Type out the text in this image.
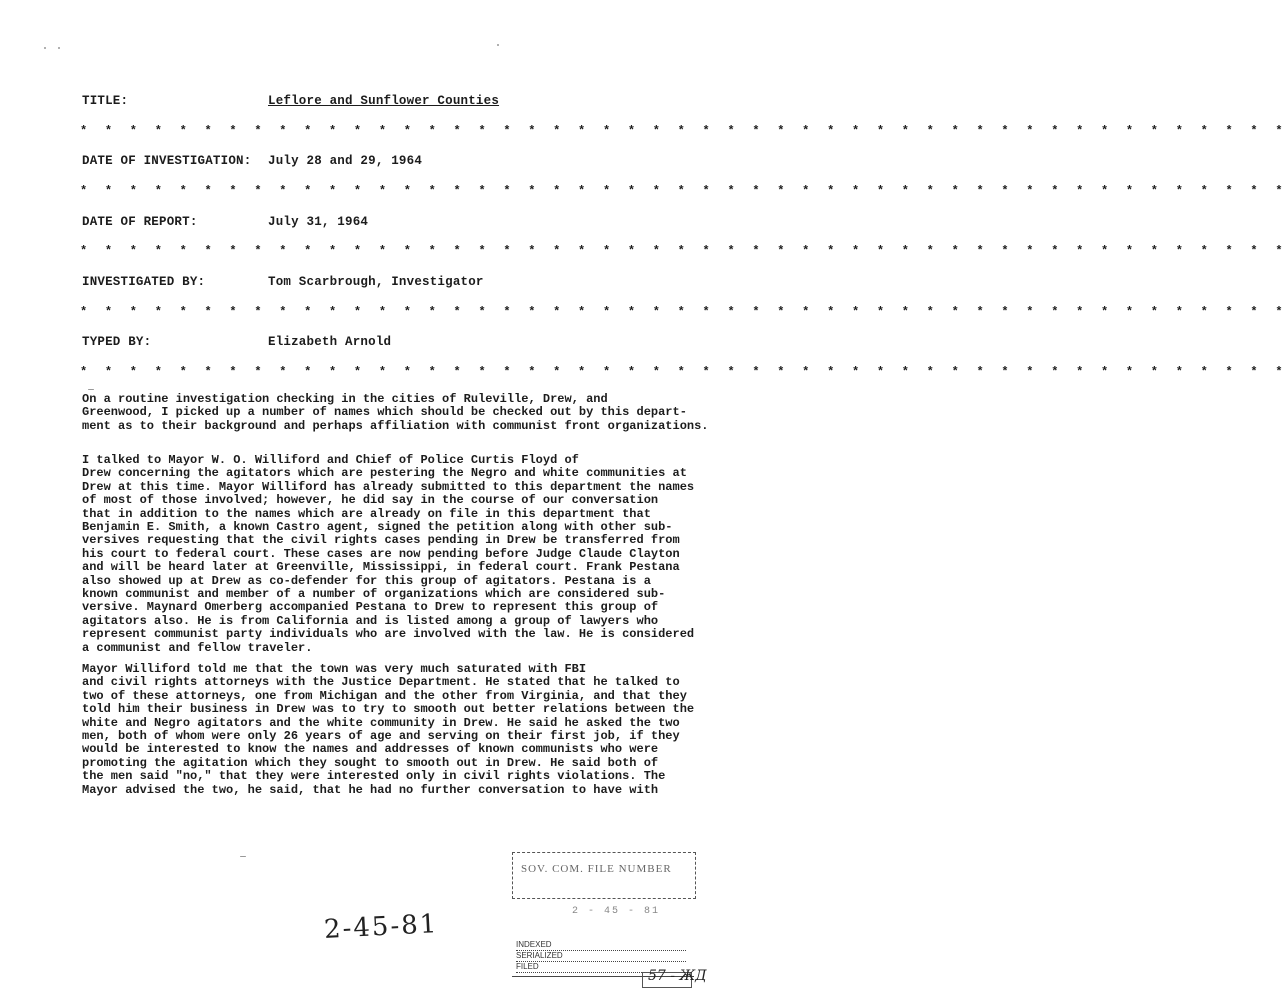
TITLE:	Leflore and Sunflower Counties
* * * * * * * * * * * * * * * * * * * * * * * * * * * * * * * * * * * * * * * * * * * * * * * * *
DATE OF INVESTIGATION: July 28 and 29, 1964
* * * * * * * * * * * * * * * * * * * * * * * * * * * * * * * * * * * * * * * * * * * * * * * * *
DATE OF REPORT:	July 31, 1964
* * * * * * * * * * * * * * * * * * * * * * * * * * * * * * * * * * * * * * * * * * * * * * * * *
INVESTIGATED BY:	Tom Scarbrough, Investigator
* * * * * * * * * * * * * * * * * * * * * * * * * * * * * * * * * * * * * * * * * * * * * * * * *
TYPED BY:	Elizabeth Arnold
* * * * * * * * * * * * * * * * * * * * * * * * * * * * * * * * * * * * * * * * * * * * * * * * *

On a routine investigation checking in the cities of Ruleville, Drew, and
Greenwood, I picked up a number of names which should be checked out by this depart-
ment as to their background and perhaps affiliation with communist front organizations.

I talked to Mayor W. O. Williford and Chief of Police Curtis Floyd of
Drew concerning the agitators which are pestering the Negro and white communities at
Drew at this time. Mayor Williford has already submitted to this department the names
of most of those involved; however, he did say in the course of our conversation
that in addition to the names which are already on file in this department that
Benjamin E. Smith, a known Castro agent, signed the petition along with other sub-
versives requesting that the civil rights cases pending in Drew be transferred from
his court to federal court. These cases are now pending before Judge Claude Clayton
and will be heard later at Greenville, Mississippi, in federal court. Frank Pestana
also showed up at Drew as co-defender for this group of agitators. Pestana is a
known communist and member of a number of organizations which are considered sub-
versive. Maynard Omerberg accompanied Pestana to Drew to represent this group of
agitators also. He is from California and is listed among a group of lawyers who
represent communist party individuals who are involved with the law. He is considered
a communist and fellow traveler.

Mayor Williford told me that the town was very much saturated with FBI
and civil rights attorneys with the Justice Department. He stated that he talked to
two of these attorneys, one from Michigan and the other from Virginia, and that they
told him their business in Drew was to try to smooth out better relations between the
white and Negro agitators and the white community in Drew. He said he asked the two
men, both of whom were only 26 years of age and serving on their first job, if they
would be interested to know the names and addresses of known communists who were
promoting the agitation which they sought to smooth out in Drew. He said both of
the men said "no," that they were interested only in civil rights violations. The
Mayor advised the two, he said, that he had no further conversation to have with

2-45-81
SOV. COM. FILE NUMBER
2 - 45 - 81
INDEXED
SERIALIZED
FILED
57 - ЖД
